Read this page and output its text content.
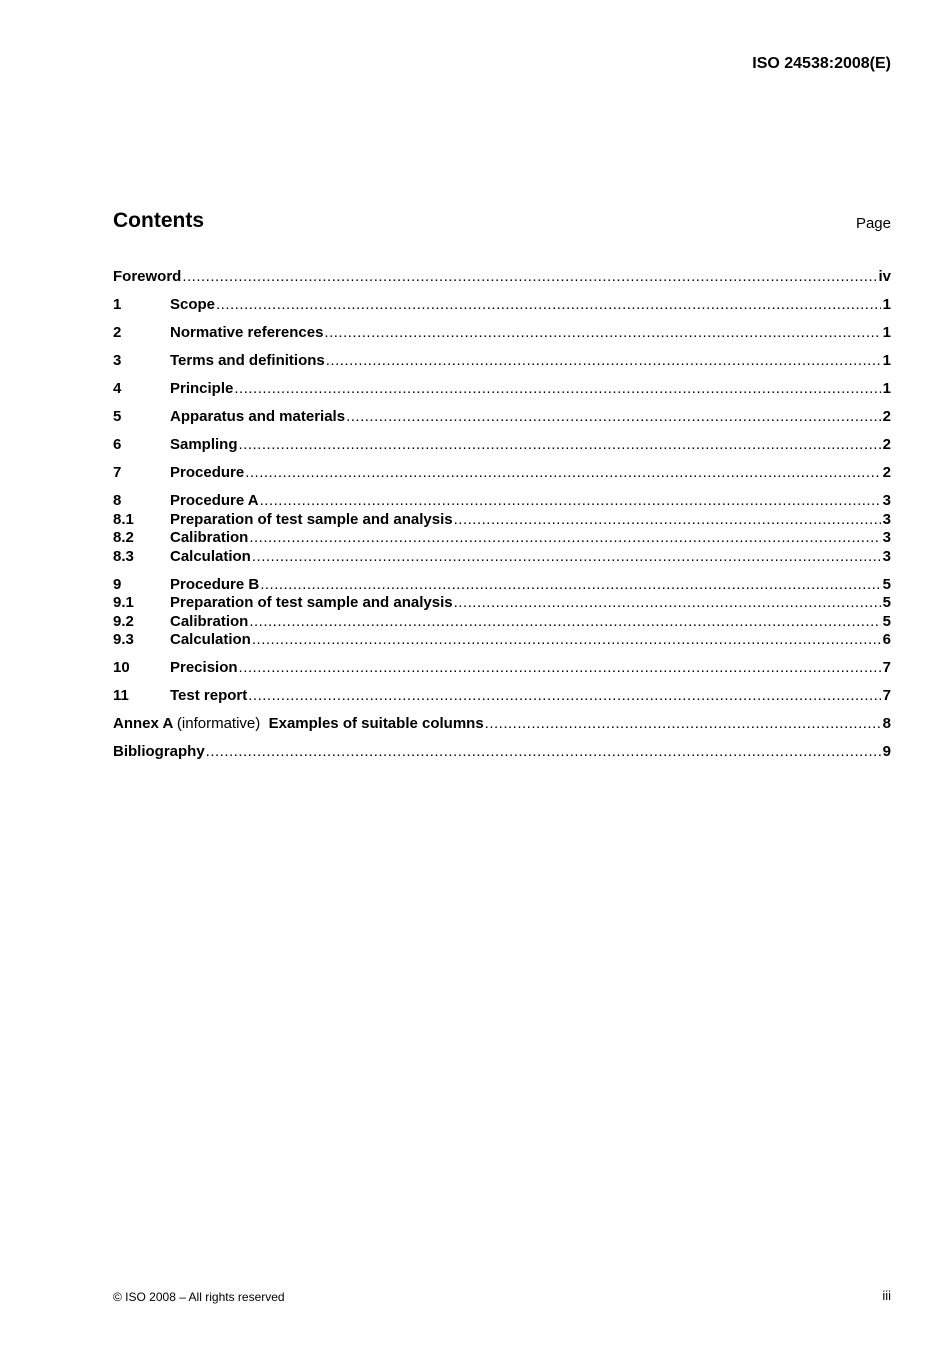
ISO 24538:2008(E)
Contents	Page
Foreword .....	iv
1	Scope .....	1
2	Normative references .....	1
3	Terms and definitions .....	1
4	Principle .....	1
5	Apparatus and materials .....	2
6	Sampling .....	2
7	Procedure .....	2
8	Procedure A .....	3
8.1	Preparation of test sample and analysis .....	3
8.2	Calibration .....	3
8.3	Calculation .....	3
9	Procedure B .....	5
9.1	Preparation of test sample and analysis .....	5
9.2	Calibration .....	5
9.3	Calculation .....	6
10	Precision .....	7
11	Test report .....	7
Annex A (informative) Examples of suitable columns .....	8
Bibliography .....	9
© ISO 2008 – All rights reserved	iii
